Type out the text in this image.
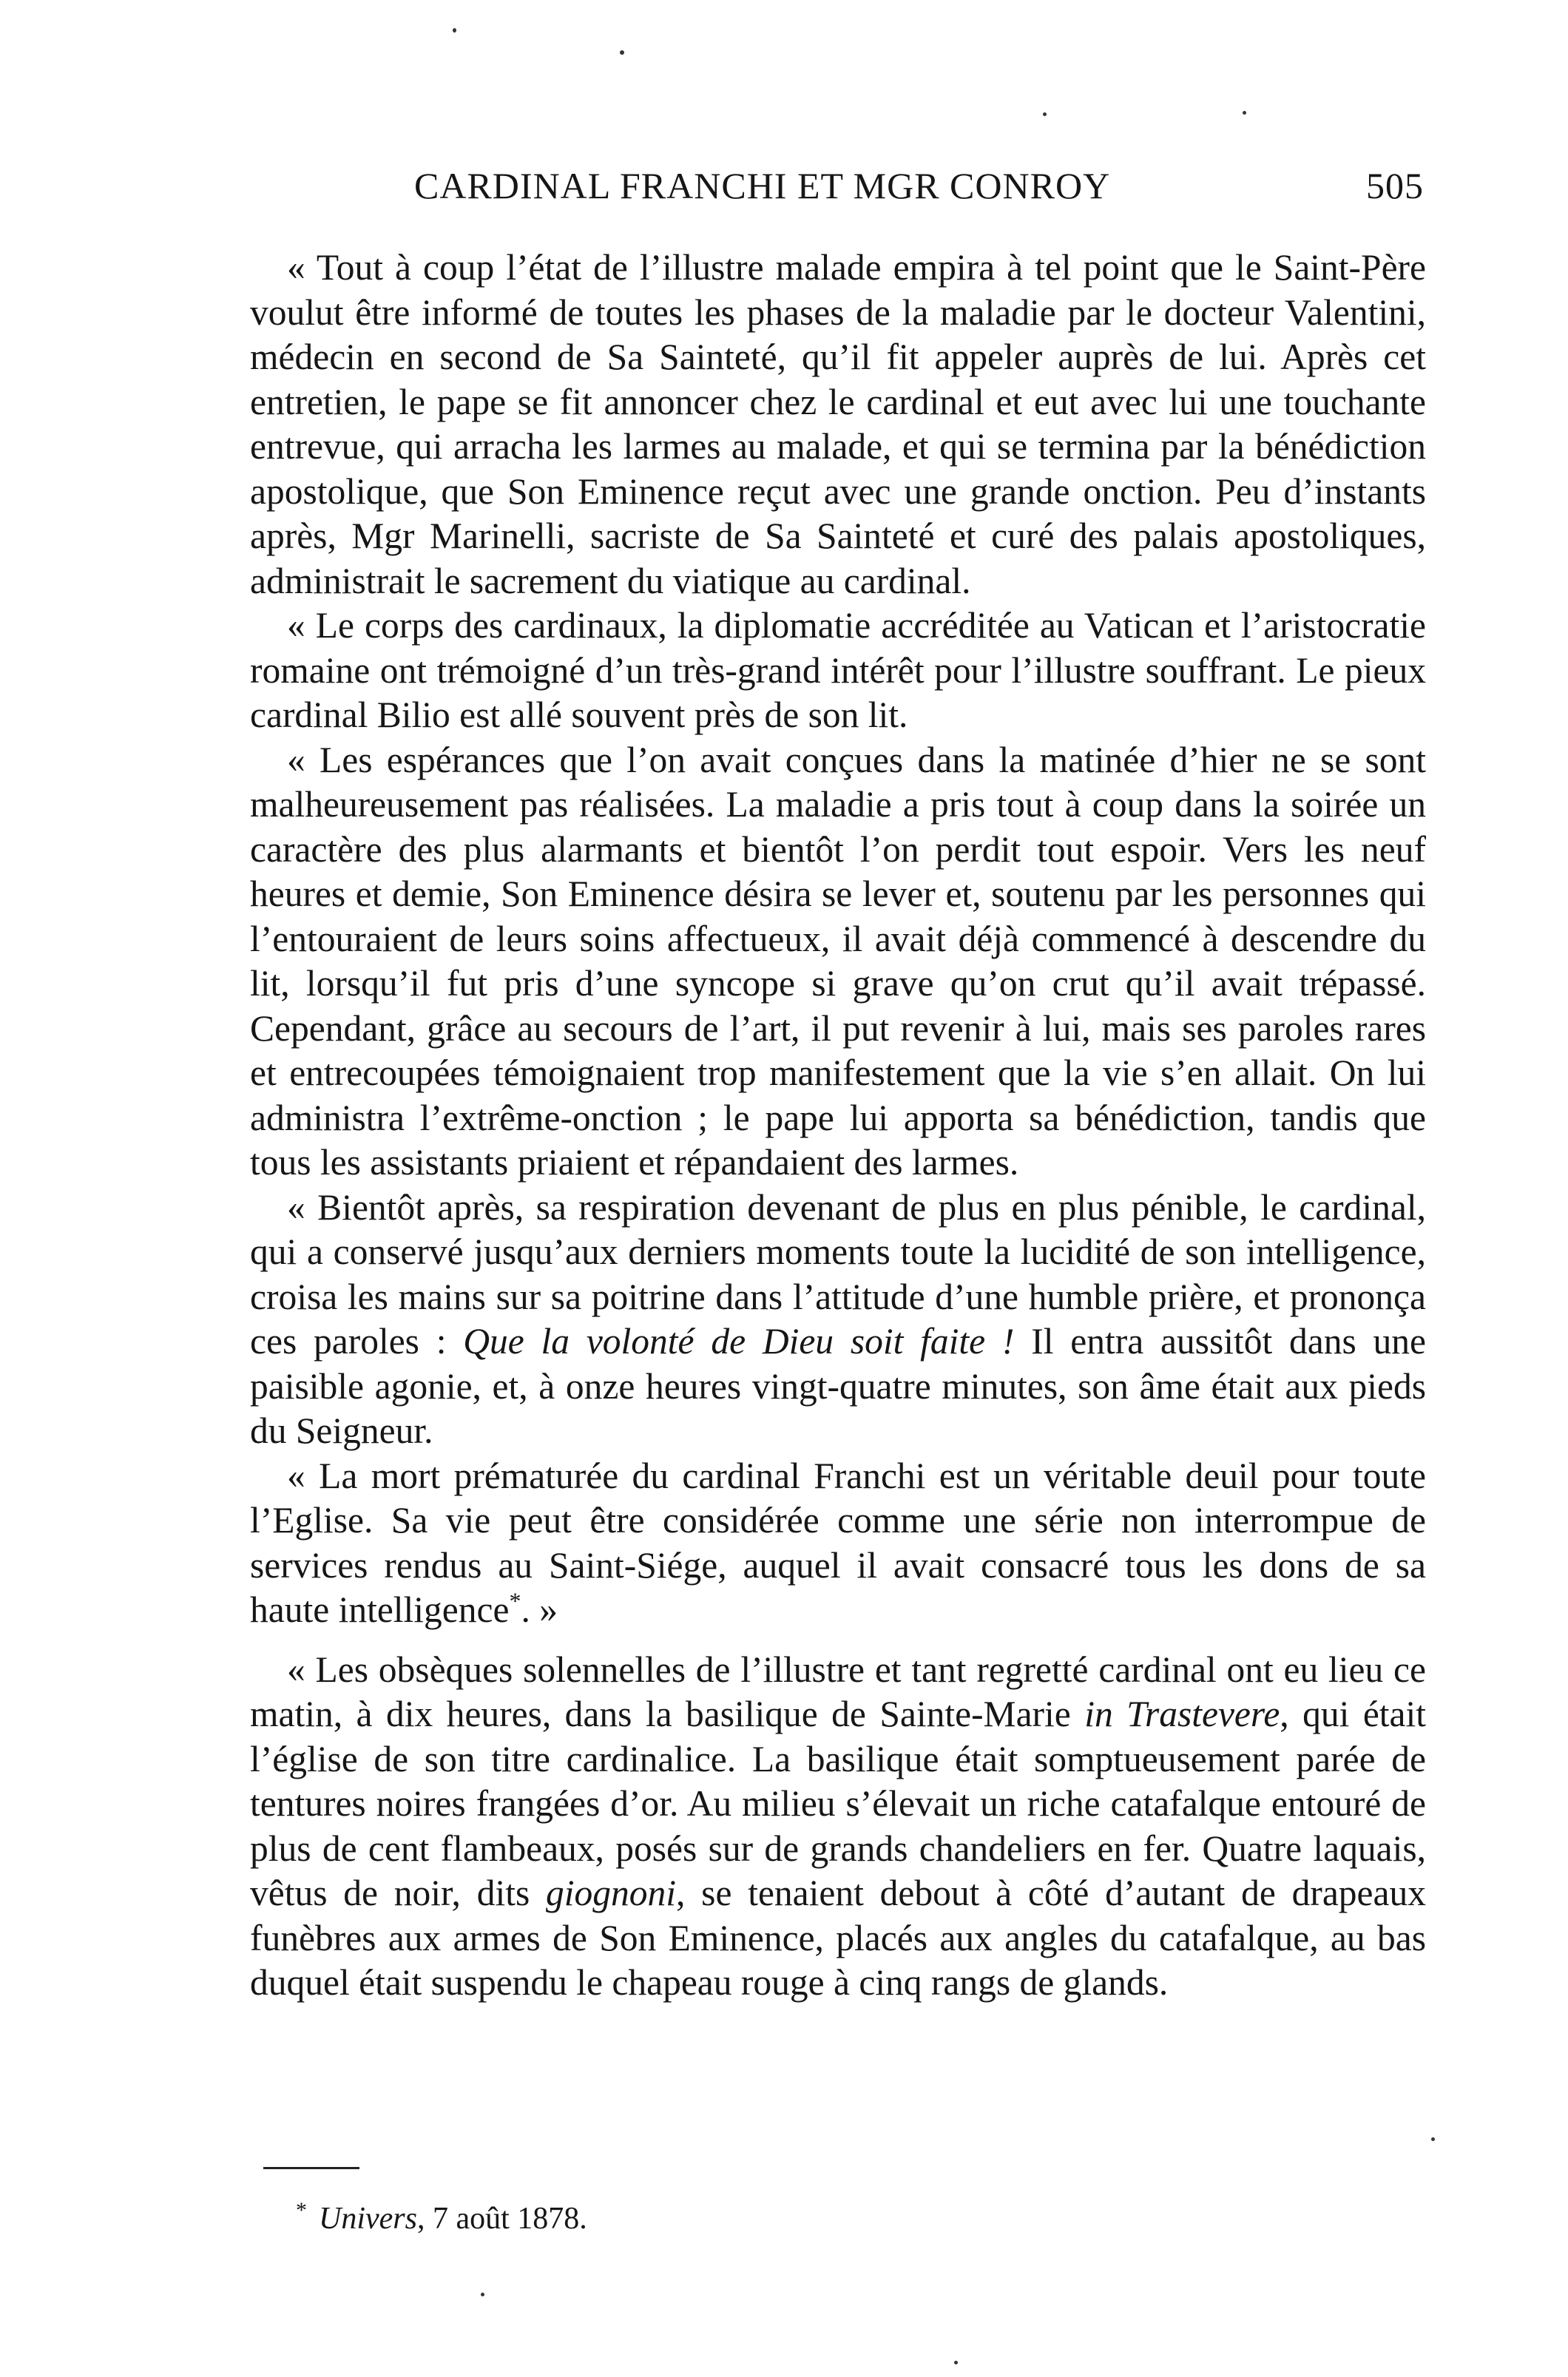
CARDINAL FRANCHI ET MGR CONROY	505

« Tout à coup l’état de l’illustre malade empira à tel point que le Saint-Père voulut être informé de toutes les phases de la maladie par le docteur Valentini, médecin en second de Sa Sainteté, qu’il fit appeler auprès de lui. Après cet entretien, le pape se fit annoncer chez le cardinal et eut avec lui une touchante entrevue, qui arracha les larmes au malade, et qui se termina par la bénédiction apostolique, que Son Eminence reçut avec une grande onction. Peu d’instants après, Mgr Marinelli, sacriste de Sa Sainteté et curé des palais apostoliques, administrait le sacrement du viatique au cardinal.

« Le corps des cardinaux, la diplomatie accréditée au Vatican et l’aristocratie romaine ont trémoigné d’un très-grand intérêt pour l’illustre souffrant. Le pieux cardinal Bilio est allé souvent près de son lit.

« Les espérances que l’on avait conçues dans la matinée d’hier ne se sont malheureusement pas réalisées. La maladie a pris tout à coup dans la soirée un caractère des plus alarmants et bientôt l’on perdit tout espoir. Vers les neuf heures et demie, Son Eminence désira se lever et, soutenu par les personnes qui l’entouraient de leurs soins affectueux, il avait déjà commencé à descendre du lit, lorsqu’il fut pris d’une syncope si grave qu’on crut qu’il avait trépassé. Cependant, grâce au secours de l’art, il put revenir à lui, mais ses paroles rares et entrecoupées témoignaient trop manifestement que la vie s’en allait. On lui administra l’extrême-onction ; le pape lui apporta sa bénédiction, tandis que tous les assistants priaient et répandaient des larmes.

« Bientôt après, sa respiration devenant de plus en plus pénible, le cardinal, qui a conservé jusqu’aux derniers moments toute la lucidité de son intelligence, croisa les mains sur sa poitrine dans l’attitude d’une humble prière, et prononça ces paroles : Que la volonté de Dieu soit faite ! Il entra aussitôt dans une paisible agonie, et, à onze heures vingt-quatre minutes, son âme était aux pieds du Seigneur.

« La mort prématurée du cardinal Franchi est un véritable deuil pour toute l’Eglise. Sa vie peut être considérée comme une série non interrompue de services rendus au Saint-Siége, auquel il avait consacré tous les dons de sa haute intelligence*. »

« Les obsèques solennelles de l’illustre et tant regretté cardinal ont eu lieu ce matin, à dix heures, dans la basilique de Sainte-Marie in Trastevere, qui était l’église de son titre cardinalice. La basilique était somptueusement parée de tentures noires frangées d’or. Au milieu s’élevait un riche catafalque entouré de plus de cent flambeaux, posés sur de grands chandeliers en fer. Quatre laquais, vêtus de noir, dits giognoni, se tenaient debout à côté d’autant de drapeaux funèbres aux armes de Son Eminence, placés aux angles du catafalque, au bas duquel était suspendu le chapeau rouge à cinq rangs de glands.

* Univers, 7 août 1878.
